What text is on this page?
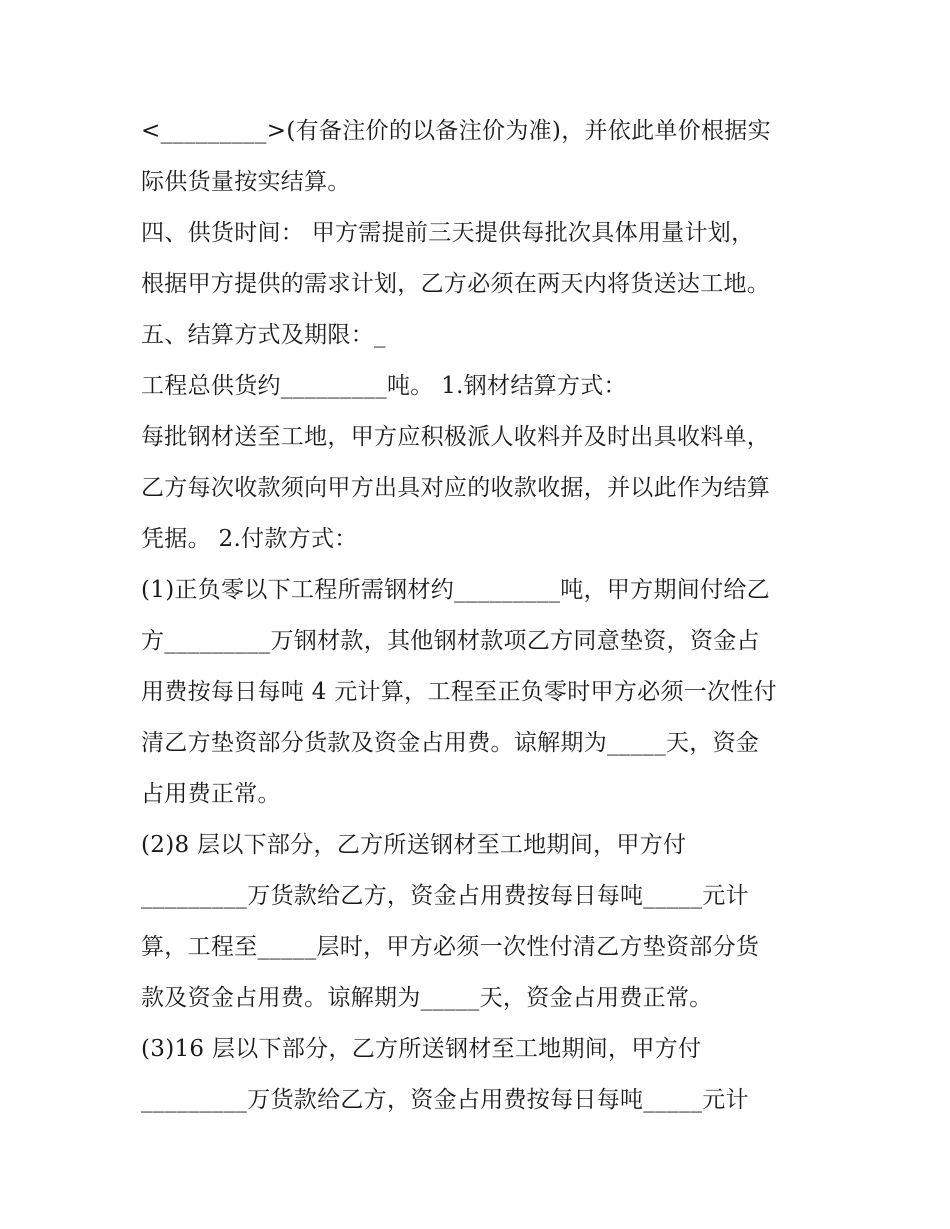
<_________>(有备注价的以备注价为准)，并依此单价根据实

际供货量按实结算。

四、供货时间： 甲方需提前三天提供每批次具体用量计划，

根据甲方提供的需求计划，乙方必须在两天内将货送达工地。

五、结算方式及期限：_

工程总供货约_________吨。 1.钢材结算方式：

每批钢材送至工地，甲方应积极派人收料并及时出具收料单，

乙方每次收款须向甲方出具对应的收款收据，并以此作为结算

凭据。 2.付款方式：

(1)正负零以下工程所需钢材约_________吨，甲方期间付给乙

方_________万钢材款，其他钢材款项乙方同意垫资，资金占

用费按每日每吨 4 元计算，工程至正负零时甲方必须一次性付

清乙方垫资部分货款及资金占用费。谅解期为_____天，资金

占用费正常。

(2)8 层以下部分，乙方所送钢材至工地期间，甲方付

_________万货款给乙方，资金占用费按每日每吨_____元计

算，工程至_____层时，甲方必须一次性付清乙方垫资部分货

款及资金占用费。谅解期为_____天，资金占用费正常。

(3)16 层以下部分，乙方所送钢材至工地期间，甲方付

_________万货款给乙方，资金占用费按每日每吨_____元计
